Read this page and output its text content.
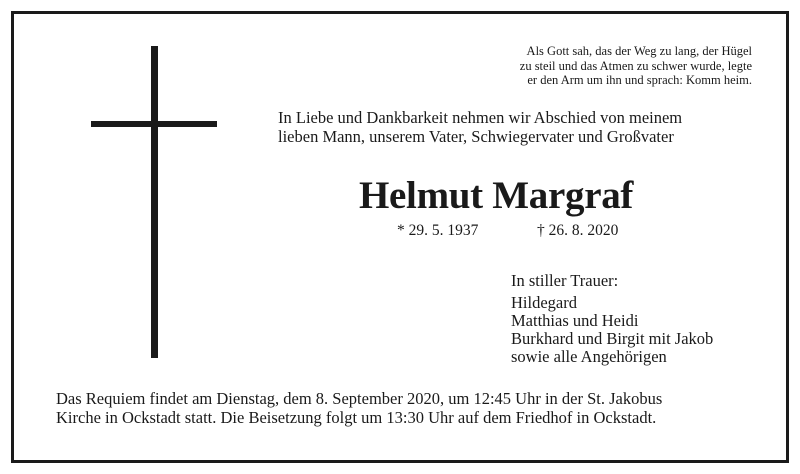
Als Gott sah, das der Weg zu lang, der Hügel
zu steil und das Atmen zu schwer wurde, legte
er den Arm um ihn und sprach: Komm heim.
In Liebe und Dankbarkeit nehmen wir Abschied von meinem
lieben Mann, unserem Vater, Schwiegervater und Großvater
Helmut Margraf
* 29. 5. 1937	† 26. 8. 2020
In stiller Trauer:
Hildegard
Matthias und Heidi
Burkhard und Birgit mit Jakob
sowie alle Angehörigen
Das Requiem findet am Dienstag, dem 8. September 2020, um 12:45 Uhr in der St. Jakobus
Kirche in Ockstadt statt. Die Beisetzung folgt um 13:30 Uhr auf dem Friedhof in Ockstadt.
